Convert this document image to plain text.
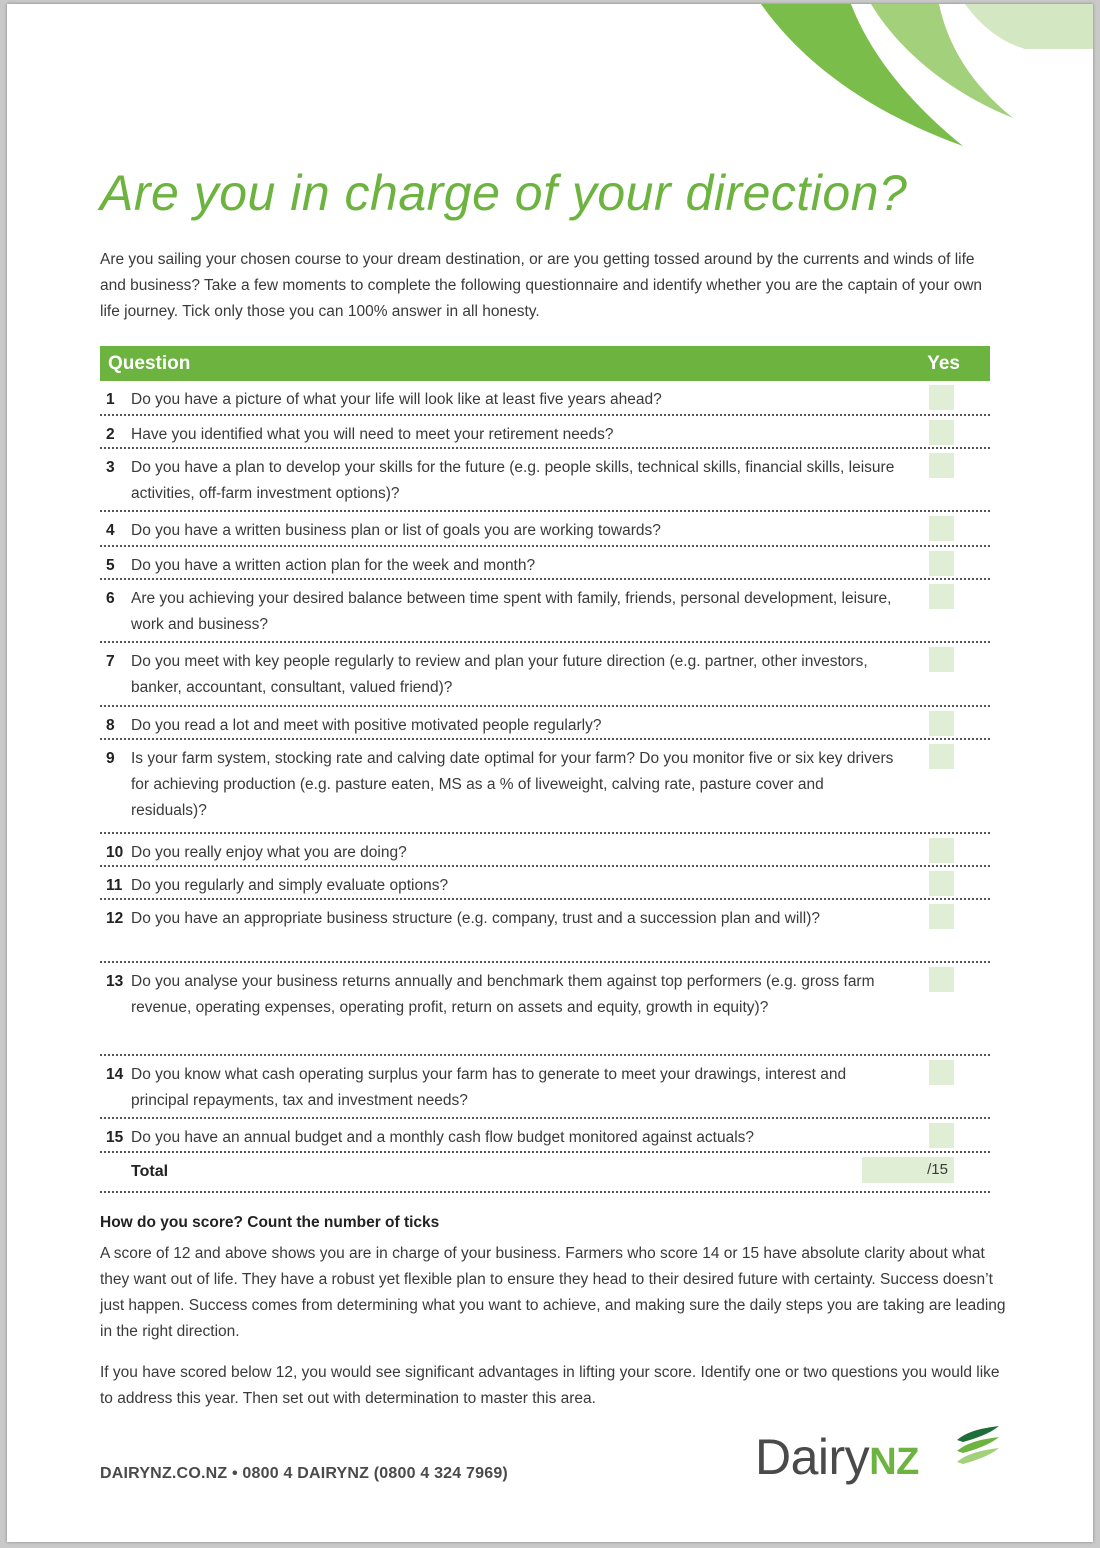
Are you in charge of your direction?

Are you sailing your chosen course to your dream destination, or are you getting tossed around by the currents and winds of life and business? Take a few moments to complete the following questionnaire and identify whether you are the captain of your own life journey. Tick only those you can 100% answer in all honesty.

Question	Yes
1 Do you have a picture of what your life will look like at least five years ahead?
2 Have you identified what you will need to meet your retirement needs?
3 Do you have a plan to develop your skills for the future (e.g. people skills, technical skills, financial skills, leisure activities, off-farm investment options)?
4 Do you have a written business plan or list of goals you are working towards?
5 Do you have a written action plan for the week and month?
6 Are you achieving your desired balance between time spent with family, friends, personal development, leisure, work and business?
7 Do you meet with key people regularly to review and plan your future direction (e.g. partner, other investors, banker, accountant, consultant, valued friend)?
8 Do you read a lot and meet with positive motivated people regularly?
9 Is your farm system, stocking rate and calving date optimal for your farm? Do you monitor five or six key drivers for achieving production (e.g. pasture eaten, MS as a % of liveweight, calving rate, pasture cover and residuals)?
10 Do you really enjoy what you are doing?
11 Do you regularly and simply evaluate options?
12 Do you have an appropriate business structure (e.g. company, trust and a succession plan and will)?
13 Do you analyse your business returns annually and benchmark them against top performers (e.g. gross farm revenue, operating expenses, operating profit, return on assets and equity, growth in equity)?
14 Do you know what cash operating surplus your farm has to generate to meet your drawings, interest and principal repayments, tax and investment needs?
15 Do you have an annual budget and a monthly cash flow budget monitored against actuals?
Total	/15
How do you score? Count the number of ticks

A score of 12 and above shows you are in charge of your business. Farmers who score 14 or 15 have absolute clarity about what they want out of life. They have a robust yet flexible plan to ensure they head to their desired future with certainty. Success doesn’t just happen. Success comes from determining what you want to achieve, and making sure the daily steps you are taking are leading in the right direction.

If you have scored below 12, you would see significant advantages in lifting your score. Identify one or two questions you would like to address this year. Then set out with determination to master this area.

DAIRYNZ.CO.NZ • 0800 4 DAIRYNZ (0800 4 324 7969)	DairyNZ
